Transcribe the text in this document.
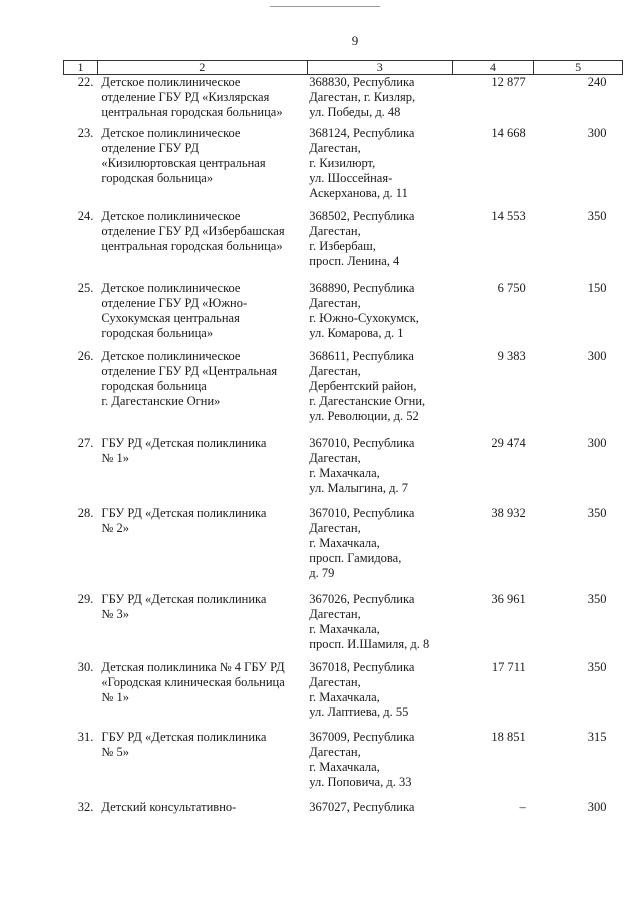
9
1	2	3	4	5
22.	Детское поликлиническое
отделение ГБУ РД «Кизлярская
центральная городская больница»	368830, Республика
Дагестан, г. Кизляр,
ул. Победы, д. 48	12 877	240
23.	Детское поликлиническое
отделение ГБУ РД
«Кизилюртовская центральная
городская больница»	368124, Республика
Дагестан,
г. Кизилюрт,
ул. Шоссейная-
Аскерханова, д. 11	14 668	300
24.	Детское поликлиническое
отделение ГБУ РД «Избербашская
центральная городская больница»	368502, Республика
Дагестан,
г. Избербаш,
просп. Ленина, 4	14 553	350
25.	Детское поликлиническое
отделение ГБУ РД «Южно-
Сухокумская центральная
городская больница»	368890, Республика
Дагестан,
г. Южно-Сухокумск,
ул. Комарова, д. 1	6 750	150
26.	Детское поликлиническое
отделение ГБУ РД «Центральная
городская больница
г. Дагестанские Огни»	368611, Республика
Дагестан,
Дербентский район,
г. Дагестанские Огни,
ул. Революции, д. 52	9 383	300
27.	ГБУ РД «Детская поликлиника
№ 1»	367010, Республика
Дагестан,
г. Махачкала,
ул. Малыгина, д. 7	29 474	300
28.	ГБУ РД «Детская поликлиника
№ 2»	367010, Республика
Дагестан,
г. Махачкала,
просп. Гамидова,
д. 79	38 932	350
29.	ГБУ РД «Детская поликлиника
№ 3»	367026, Республика
Дагестан,
г. Махачкала,
просп. И.Шамиля, д. 8	36 961	350
30.	Детская поликлиника № 4 ГБУ РД
«Городская клиническая больница
№ 1»	367018, Республика
Дагестан,
г. Махачкала,
ул. Лаптиева, д. 55	17 711	350
31.	ГБУ РД «Детская поликлиника
№ 5»	367009, Республика
Дагестан,
г. Махачкала,
ул. Поповича, д. 33	18 851	315
32.	Детский консультативно-	367027, Республика	–	300
